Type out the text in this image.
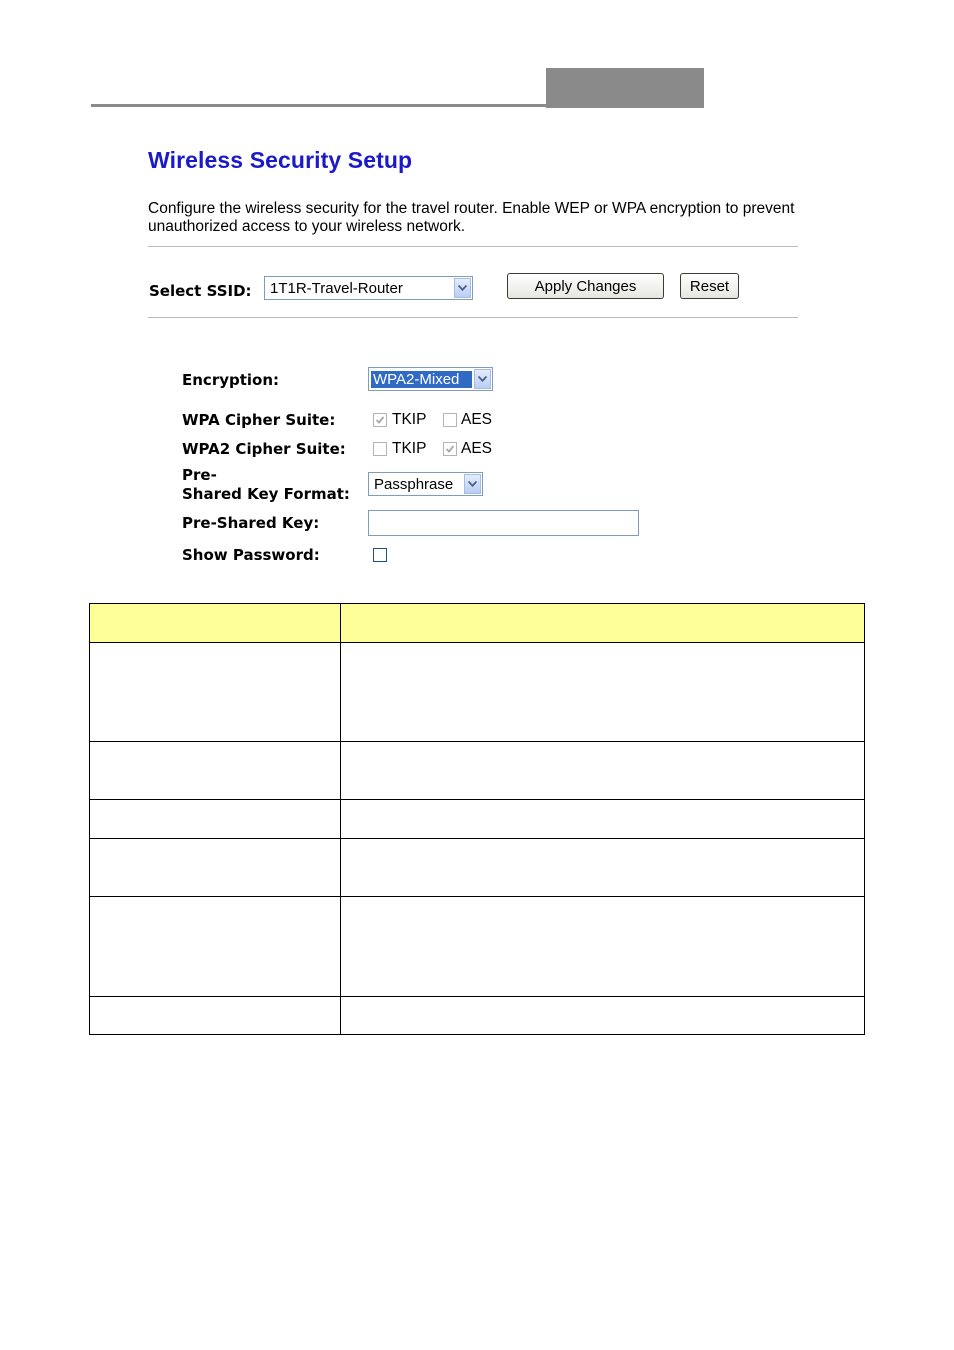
Wireless Security Setup
Configure the wireless security for the travel router. Enable WEP or WPA encryption to prevent unauthorized access to your wireless network.
Select SSID:	1T1R-Travel-Router	Apply Changes	Reset
Encryption:	WPA2-Mixed
WPA Cipher Suite:	TKIP AES
WPA2 Cipher Suite:	TKIP AES
Pre-
Shared Key Format:
Passphrase
Pre-Shared Key:
Show Password:
